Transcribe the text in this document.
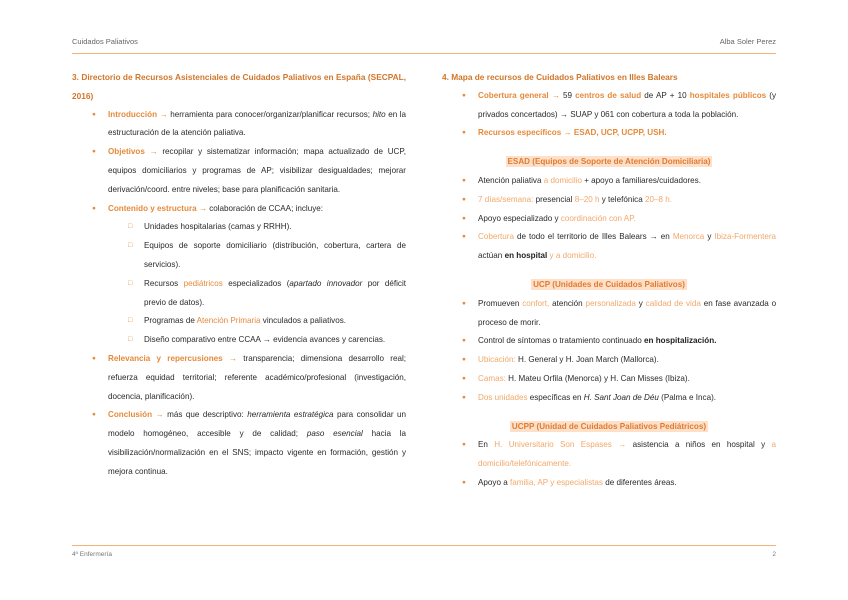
Cuidados Paliativos	Alba Soler Perez

3. Directorio de Recursos Asistenciales de Cuidados Paliativos en España (SECPAL, 2016)

● Introducción → herramienta para conocer/organizar/planificar recursos; hito en la estructuración de la atención paliativa.
● Objetivos → recopilar y sistematizar información; mapa actualizado de UCP, equipos domiciliarios y programas de AP; visibilizar desigualdades; mejorar derivación/coord. entre niveles; base para planificación sanitaria.
● Contenido y estructura → colaboración de CCAA; incluye:
□ Unidades hospitalarias (camas y RRHH).
□ Equipos de soporte domiciliario (distribución, cobertura, cartera de servicios).
□ Recursos pediátricos especializados (apartado innovador por déficit previo de datos).
□ Programas de Atención Primaria vinculados a paliativos.
□ Diseño comparativo entre CCAA → evidencia avances y carencias.
● Relevancia y repercusiones → transparencia; dimensiona desarrollo real; refuerza equidad territorial; referente académico/profesional (investigación, docencia, planificación).
● Conclusión → más que descriptivo: herramienta estratégica para consolidar un modelo homogéneo, accesible y de calidad; paso esencial hacia la visibilización/normalización en el SNS; impacto vigente en formación, gestión y mejora continua.

4. Mapa de recursos de Cuidados Paliativos en Illes Balears

● Cobertura general → 59 centros de salud de AP + 10 hospitales públicos (y privados concertados) → SUAP y 061 con cobertura a toda la población.
● Recursos específicos → ESAD, UCP, UCPP, USH.

ESAD (Equipos de Soporte de Atención Domiciliaria)

● Atención paliativa a domicilio + apoyo a familiares/cuidadores.
● 7 días/semana: presencial 8–20 h y telefónica 20–8 h.
● Apoyo especializado y coordinación con AP.
● Cobertura de todo el territorio de Illes Balears → en Menorca y Ibiza-Formentera actúan en hospital y a domicilio.

UCP (Unidades de Cuidados Paliativos)

● Promueven confort, atención personalizada y calidad de vida en fase avanzada o proceso de morir.
● Control de síntomas o tratamiento continuado en hospitalización.
● Ubicación: H. General y H. Joan March (Mallorca).
● Camas: H. Mateu Orfila (Menorca) y H. Can Misses (Ibiza).
● Dos unidades específicas en H. Sant Joan de Déu (Palma e Inca).

UCPP (Unidad de Cuidados Paliativos Pediátricos)

● En H. Universitario Son Espases → asistencia a niños en hospital y a domicilio/telefónicamente.
● Apoyo a familia, AP y especialistas de diferentes áreas.
4º Enfermería	2
